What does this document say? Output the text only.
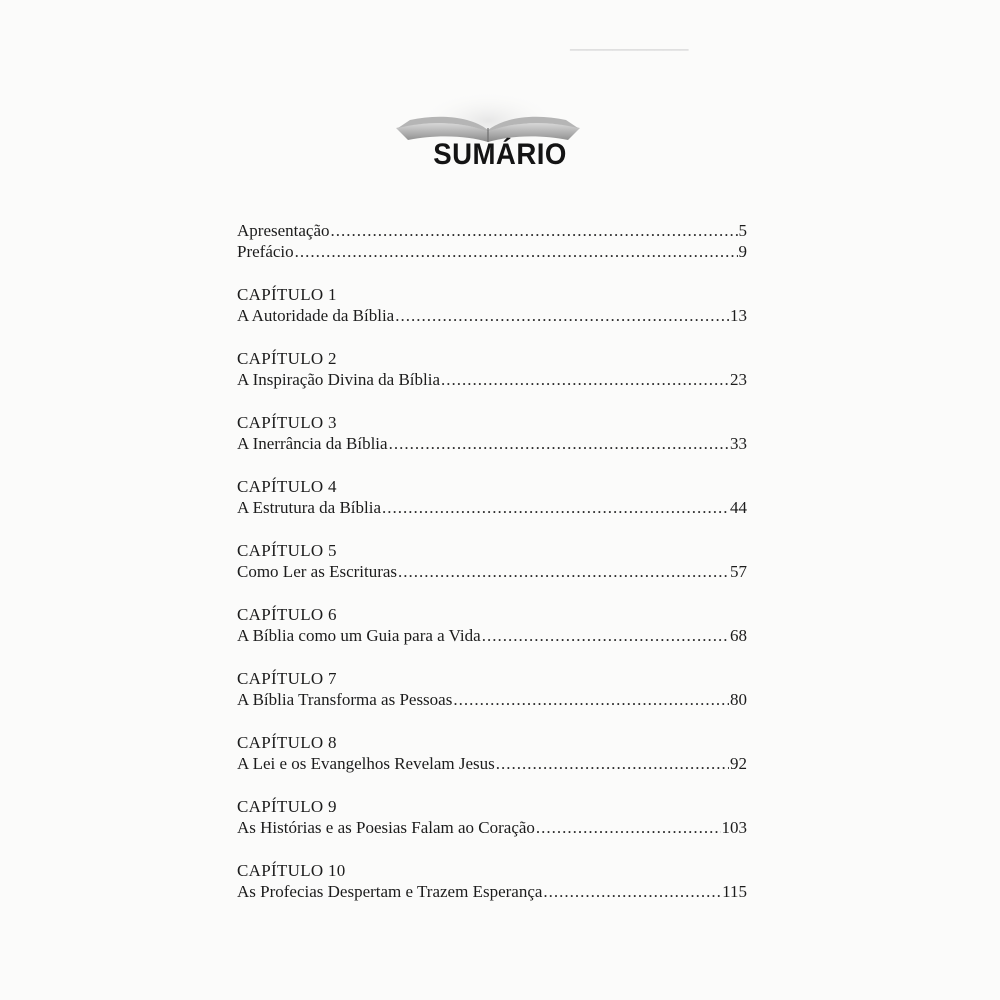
▁▁▁▁▁▁▁▁▁▁▁▁▁▁
SUMÁRIO
Apresentação .....	5
Prefácio .....	9
CAPÍTULO 1
A Autoridade da Bíblia .....	13
CAPÍTULO 2
A Inspiração Divina da Bíblia .....	23
CAPÍTULO 3
A Inerrância da Bíblia .....	33
CAPÍTULO 4
A Estrutura da Bíblia .....	44
CAPÍTULO 5
Como Ler as Escrituras .....	57
CAPÍTULO 6
A Bíblia como um Guia para a Vida .....	68
CAPÍTULO 7
A Bíblia Transforma as Pessoas .....	80
CAPÍTULO 8
A Lei e os Evangelhos Revelam Jesus .....	92
CAPÍTULO 9
As Histórias e as Poesias Falam ao Coração .....	103
CAPÍTULO 10
As Profecias Despertam e Trazem Esperança .....	115
